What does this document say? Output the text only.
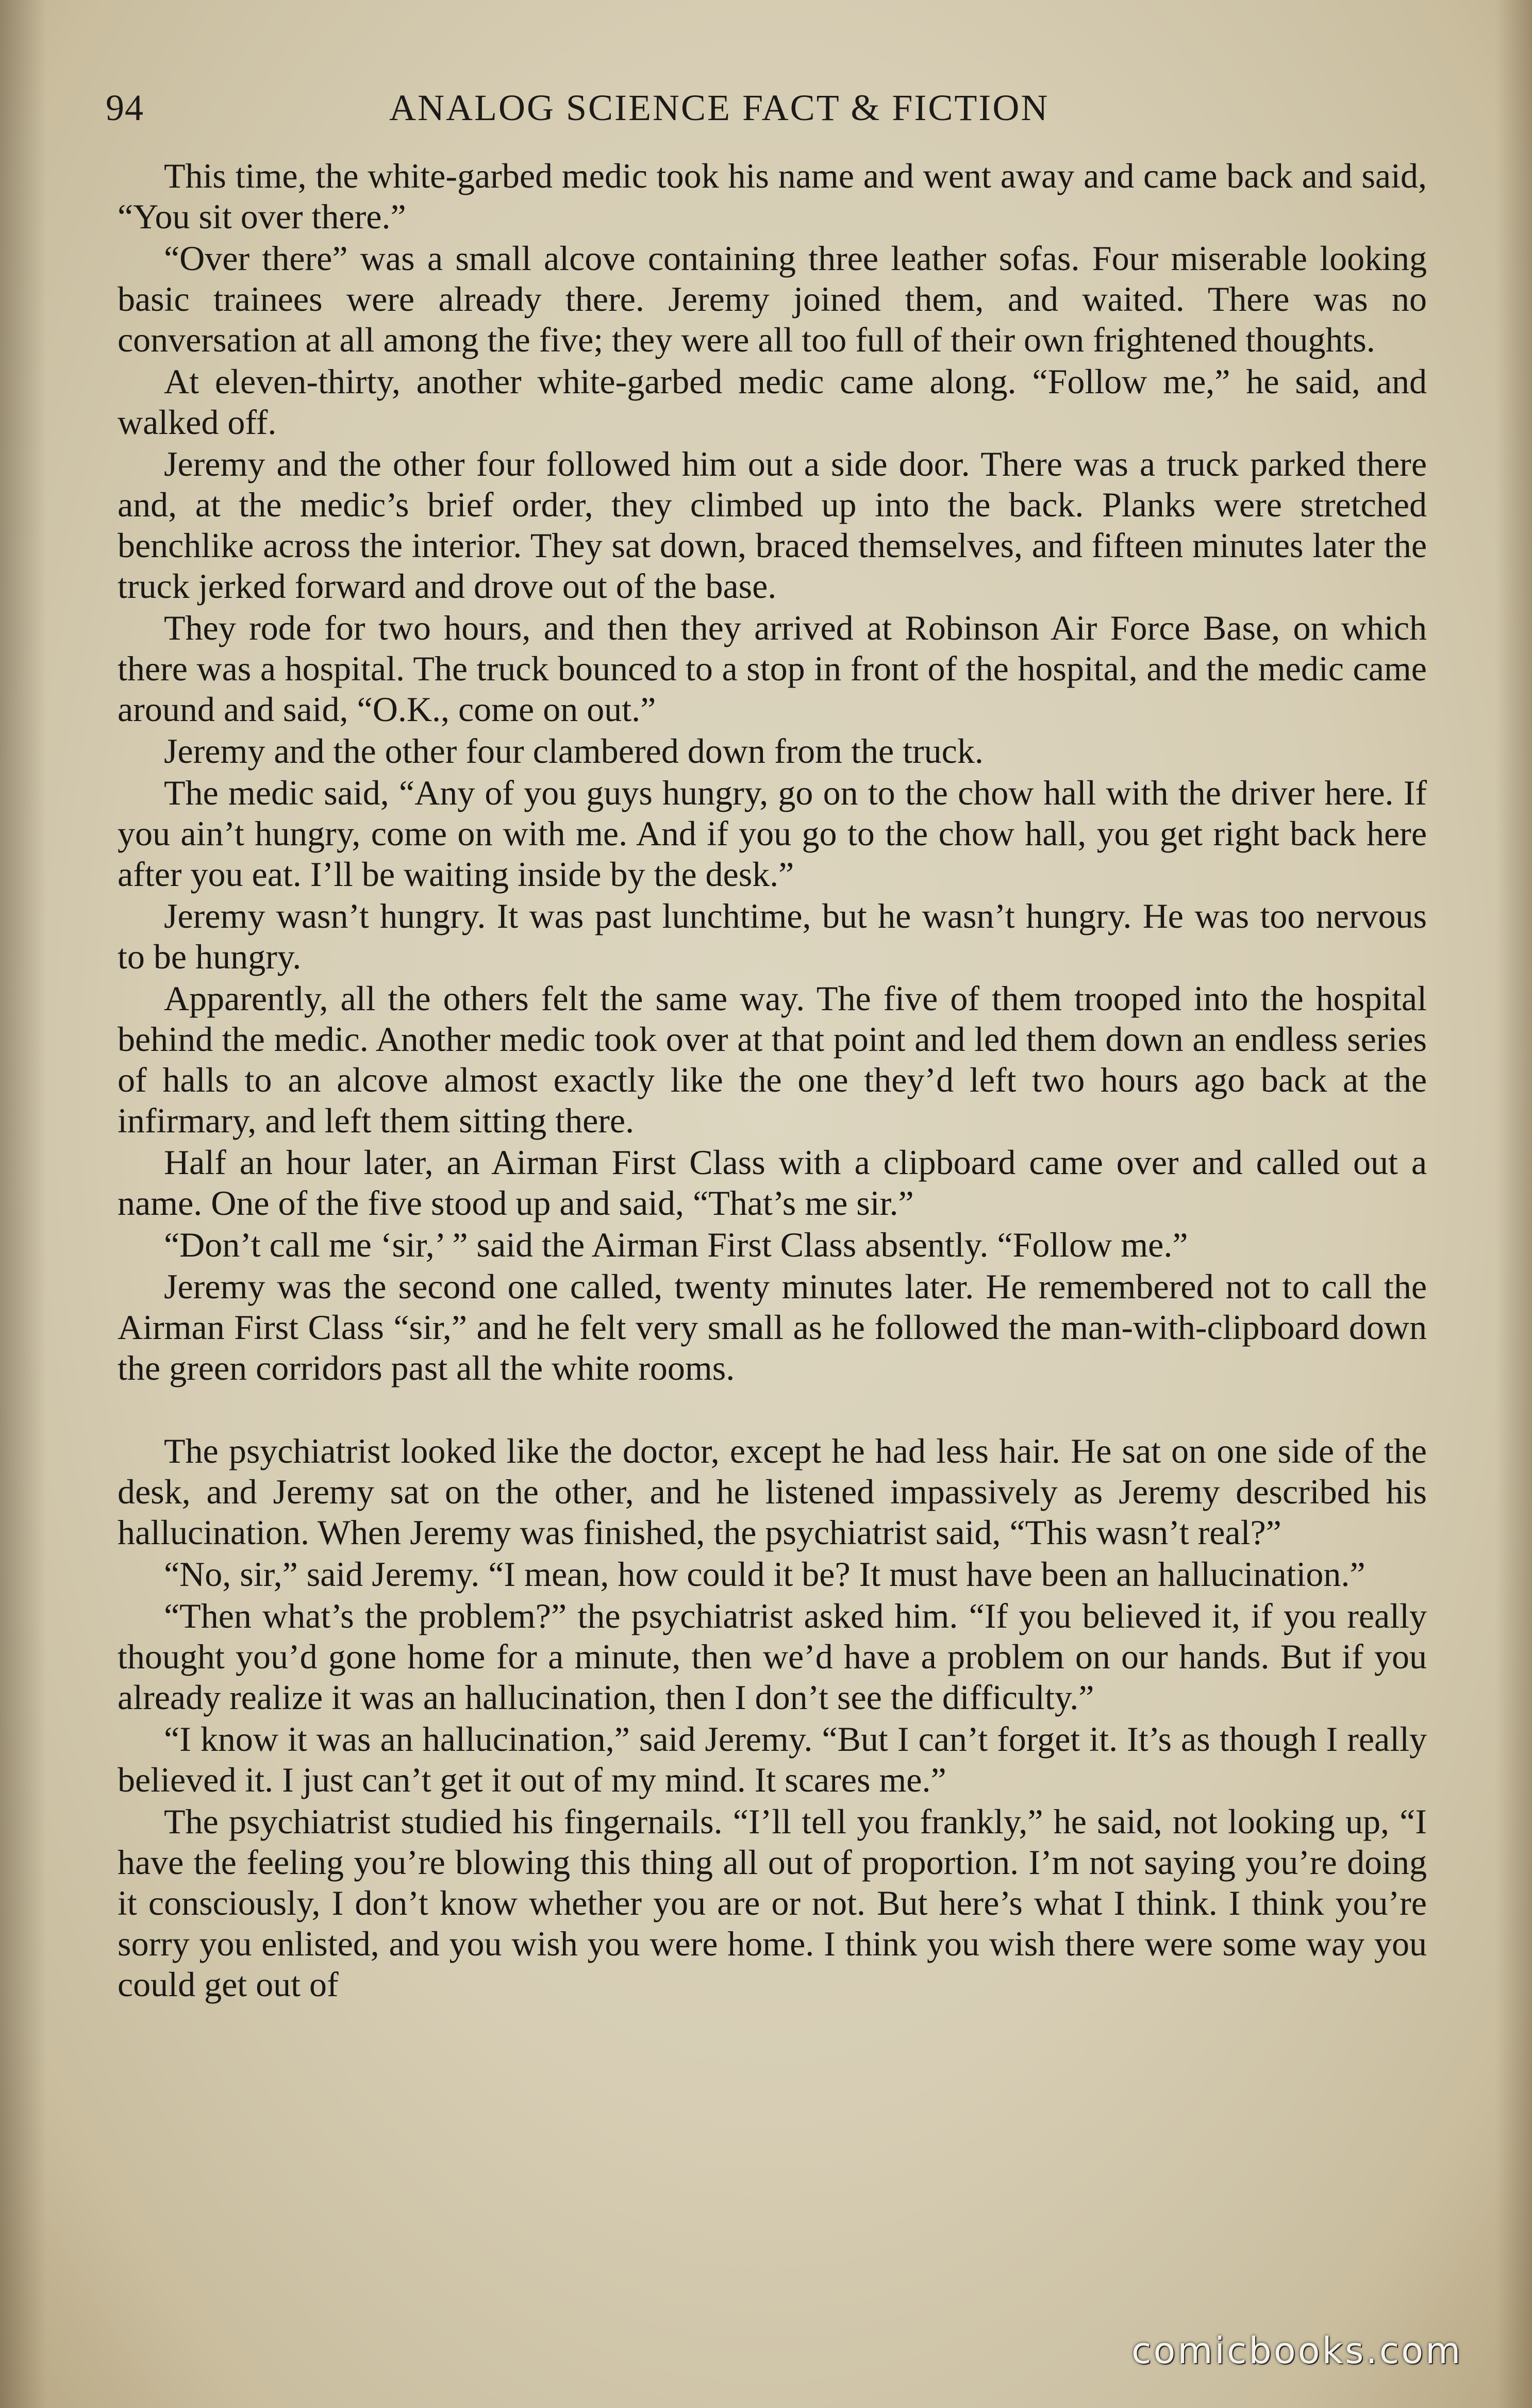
94	ANALOG SCIENCE FACT & FICTION

This time, the white-garbed medic took his name and went away and came back and said, “You sit over there.”

“Over there” was a small alcove containing three leather sofas. Four miserable looking basic trainees were already there. Jeremy joined them, and waited. There was no conversation at all among the five; they were all too full of their own frightened thoughts.

At eleven-thirty, another white-garbed medic came along. “Follow me,” he said, and walked off.

Jeremy and the other four followed him out a side door. There was a truck parked there and, at the medic’s brief order, they climbed up into the back. Planks were stretched benchlike across the interior. They sat down, braced themselves, and fifteen minutes later the truck jerked forward and drove out of the base.

They rode for two hours, and then they arrived at Robinson Air Force Base, on which there was a hospital. The truck bounced to a stop in front of the hospital, and the medic came around and said, “O.K., come on out.”

Jeremy and the other four clambered down from the truck.

The medic said, “Any of you guys hungry, go on to the chow hall with the driver here. If you ain’t hungry, come on with me. And if you go to the chow hall, you get right back here after you eat. I’ll be waiting inside by the desk.”

Jeremy wasn’t hungry. It was past lunchtime, but he wasn’t hungry. He was too nervous to be hungry.

Apparently, all the others felt the same way. The five of them trooped into the hospital behind the medic. Another medic took over at that point and led them down an endless series of halls to an alcove almost exactly like the one they’d left two hours ago back at the infirmary, and left them sitting there.

Half an hour later, an Airman First Class with a clipboard came over and called out a name. One of the five stood up and said, “That’s me sir.”

“Don’t call me ‘sir,’ ” said the Airman First Class absently. “Follow me.”

Jeremy was the second one called, twenty minutes later. He remembered not to call the Airman First Class “sir,” and he felt very small as he followed the man-with-clipboard down the green corridors past all the white rooms.

The psychiatrist looked like the doctor, except he had less hair. He sat on one side of the desk, and Jeremy sat on the other, and he listened impassively as Jeremy described his hallucination. When Jeremy was finished, the psychiatrist said, “This wasn’t real?”

“No, sir,” said Jeremy. “I mean, how could it be? It must have been an hallucination.”

“Then what’s the problem?” the psychiatrist asked him. “If you believed it, if you really thought you’d gone home for a minute, then we’d have a problem on our hands. But if you already realize it was an hallucination, then I don’t see the difficulty.”

“I know it was an hallucination,” said Jeremy. “But I can’t forget it. It’s as though I really believed it. I just can’t get it out of my mind. It scares me.”

The psychiatrist studied his fingernails. “I’ll tell you frankly,” he said, not looking up, “I have the feeling you’re blowing this thing all out of proportion. I’m not saying you’re doing it consciously, I don’t know whether you are or not. But here’s what I think. I think you’re sorry you enlisted, and you wish you were home. I think you wish there were some way you could get out of

comicbooks.com
